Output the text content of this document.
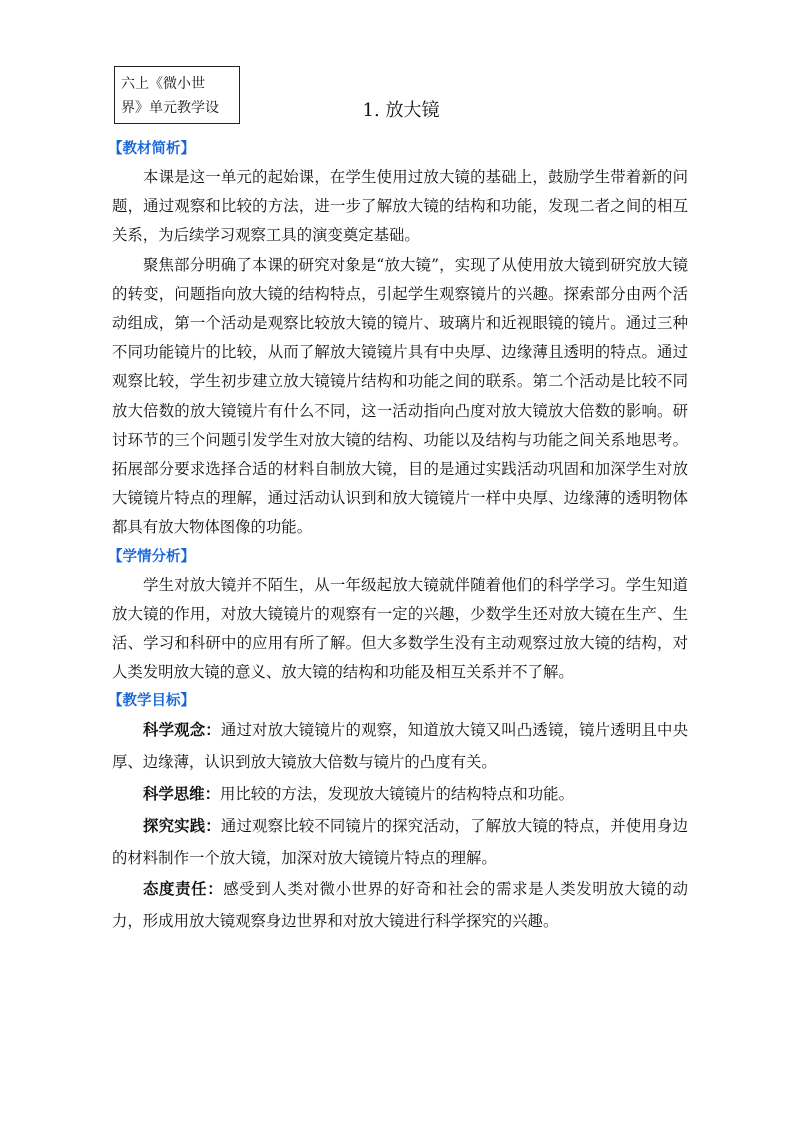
六上《微小世
界》单元教学设	1. 放大镜
【教材简析】

本课是这一单元的起始课，在学生使用过放大镜的基础上，鼓励学生带着新的问题，通过观察和比较的方法，进一步了解放大镜的结构和功能，发现二者之间的相互关系，为后续学习观察工具的演变奠定基础。

聚焦部分明确了本课的研究对象是“放大镜”，实现了从使用放大镜到研究放大镜的转变，问题指向放大镜的结构特点，引起学生观察镜片的兴趣。探索部分由两个活动组成，第一个活动是观察比较放大镜的镜片、玻璃片和近视眼镜的镜片。通过三种不同功能镜片的比较，从而了解放大镜镜片具有中央厚、边缘薄且透明的特点。通过观察比较，学生初步建立放大镜镜片结构和功能之间的联系。第二个活动是比较不同放大倍数的放大镜镜片有什么不同，这一活动指向凸度对放大镜放大倍数的影响。研讨环节的三个问题引发学生对放大镜的结构、功能以及结构与功能之间关系地思考。拓展部分要求选择合适的材料自制放大镜，目的是通过实践活动巩固和加深学生对放大镜镜片特点的理解，通过活动认识到和放大镜镜片一样中央厚、边缘薄的透明物体都具有放大物体图像的功能。

【学情分析】

学生对放大镜并不陌生，从一年级起放大镜就伴随着他们的科学学习。学生知道放大镜的作用，对放大镜镜片的观察有一定的兴趣，少数学生还对放大镜在生产、生活、学习和科研中的应用有所了解。但大多数学生没有主动观察过放大镜的结构，对人类发明放大镜的意义、放大镜的结构和功能及相互关系并不了解。

【教学目标】

科学观念：通过对放大镜镜片的观察，知道放大镜又叫凸透镜，镜片透明且中央厚、边缘薄，认识到放大镜放大倍数与镜片的凸度有关。

科学思维：用比较的方法，发现放大镜镜片的结构特点和功能。

探究实践：通过观察比较不同镜片的探究活动，了解放大镜的特点，并使用身边的材料制作一个放大镜，加深对放大镜镜片特点的理解。

态度责任：感受到人类对微小世界的好奇和社会的需求是人类发明放大镜的动力，形成用放大镜观察身边世界和对放大镜进行科学探究的兴趣。
